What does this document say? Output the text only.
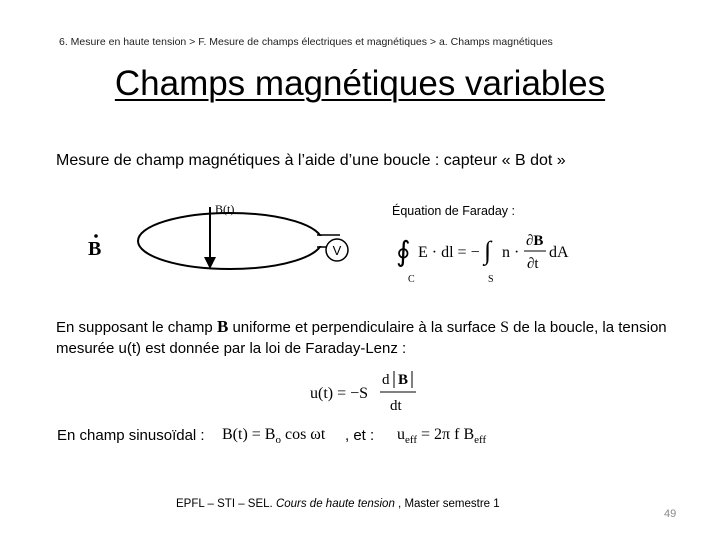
6. Mesure en haute tension > F. Mesure de champs électriques et magnétiques > a. Champs magnétiques
Champs magnétiques variables
Mesure de champ magnétiques à l’aide d’une boucle : capteur « B dot »
V
B(t)
B
Équation de Faraday :
∮ E · dl = − ∫ n ·
∂B
∂t
dA
C	S
En supposant le champ B uniforme et perpendiculaire à la surface S de la boucle, la tension mesurée u(t) est donnée par la loi de Faraday-Lenz :
u(t) = −S
d B
dt
En champ sinusoïdal : $B(t) = B_o$ cos ωt , et : $u_{eff} = 2\pi$ f $B_{eff}$
EPFL – STI – SEL. Cours de haute tension , Master semestre 1
49
